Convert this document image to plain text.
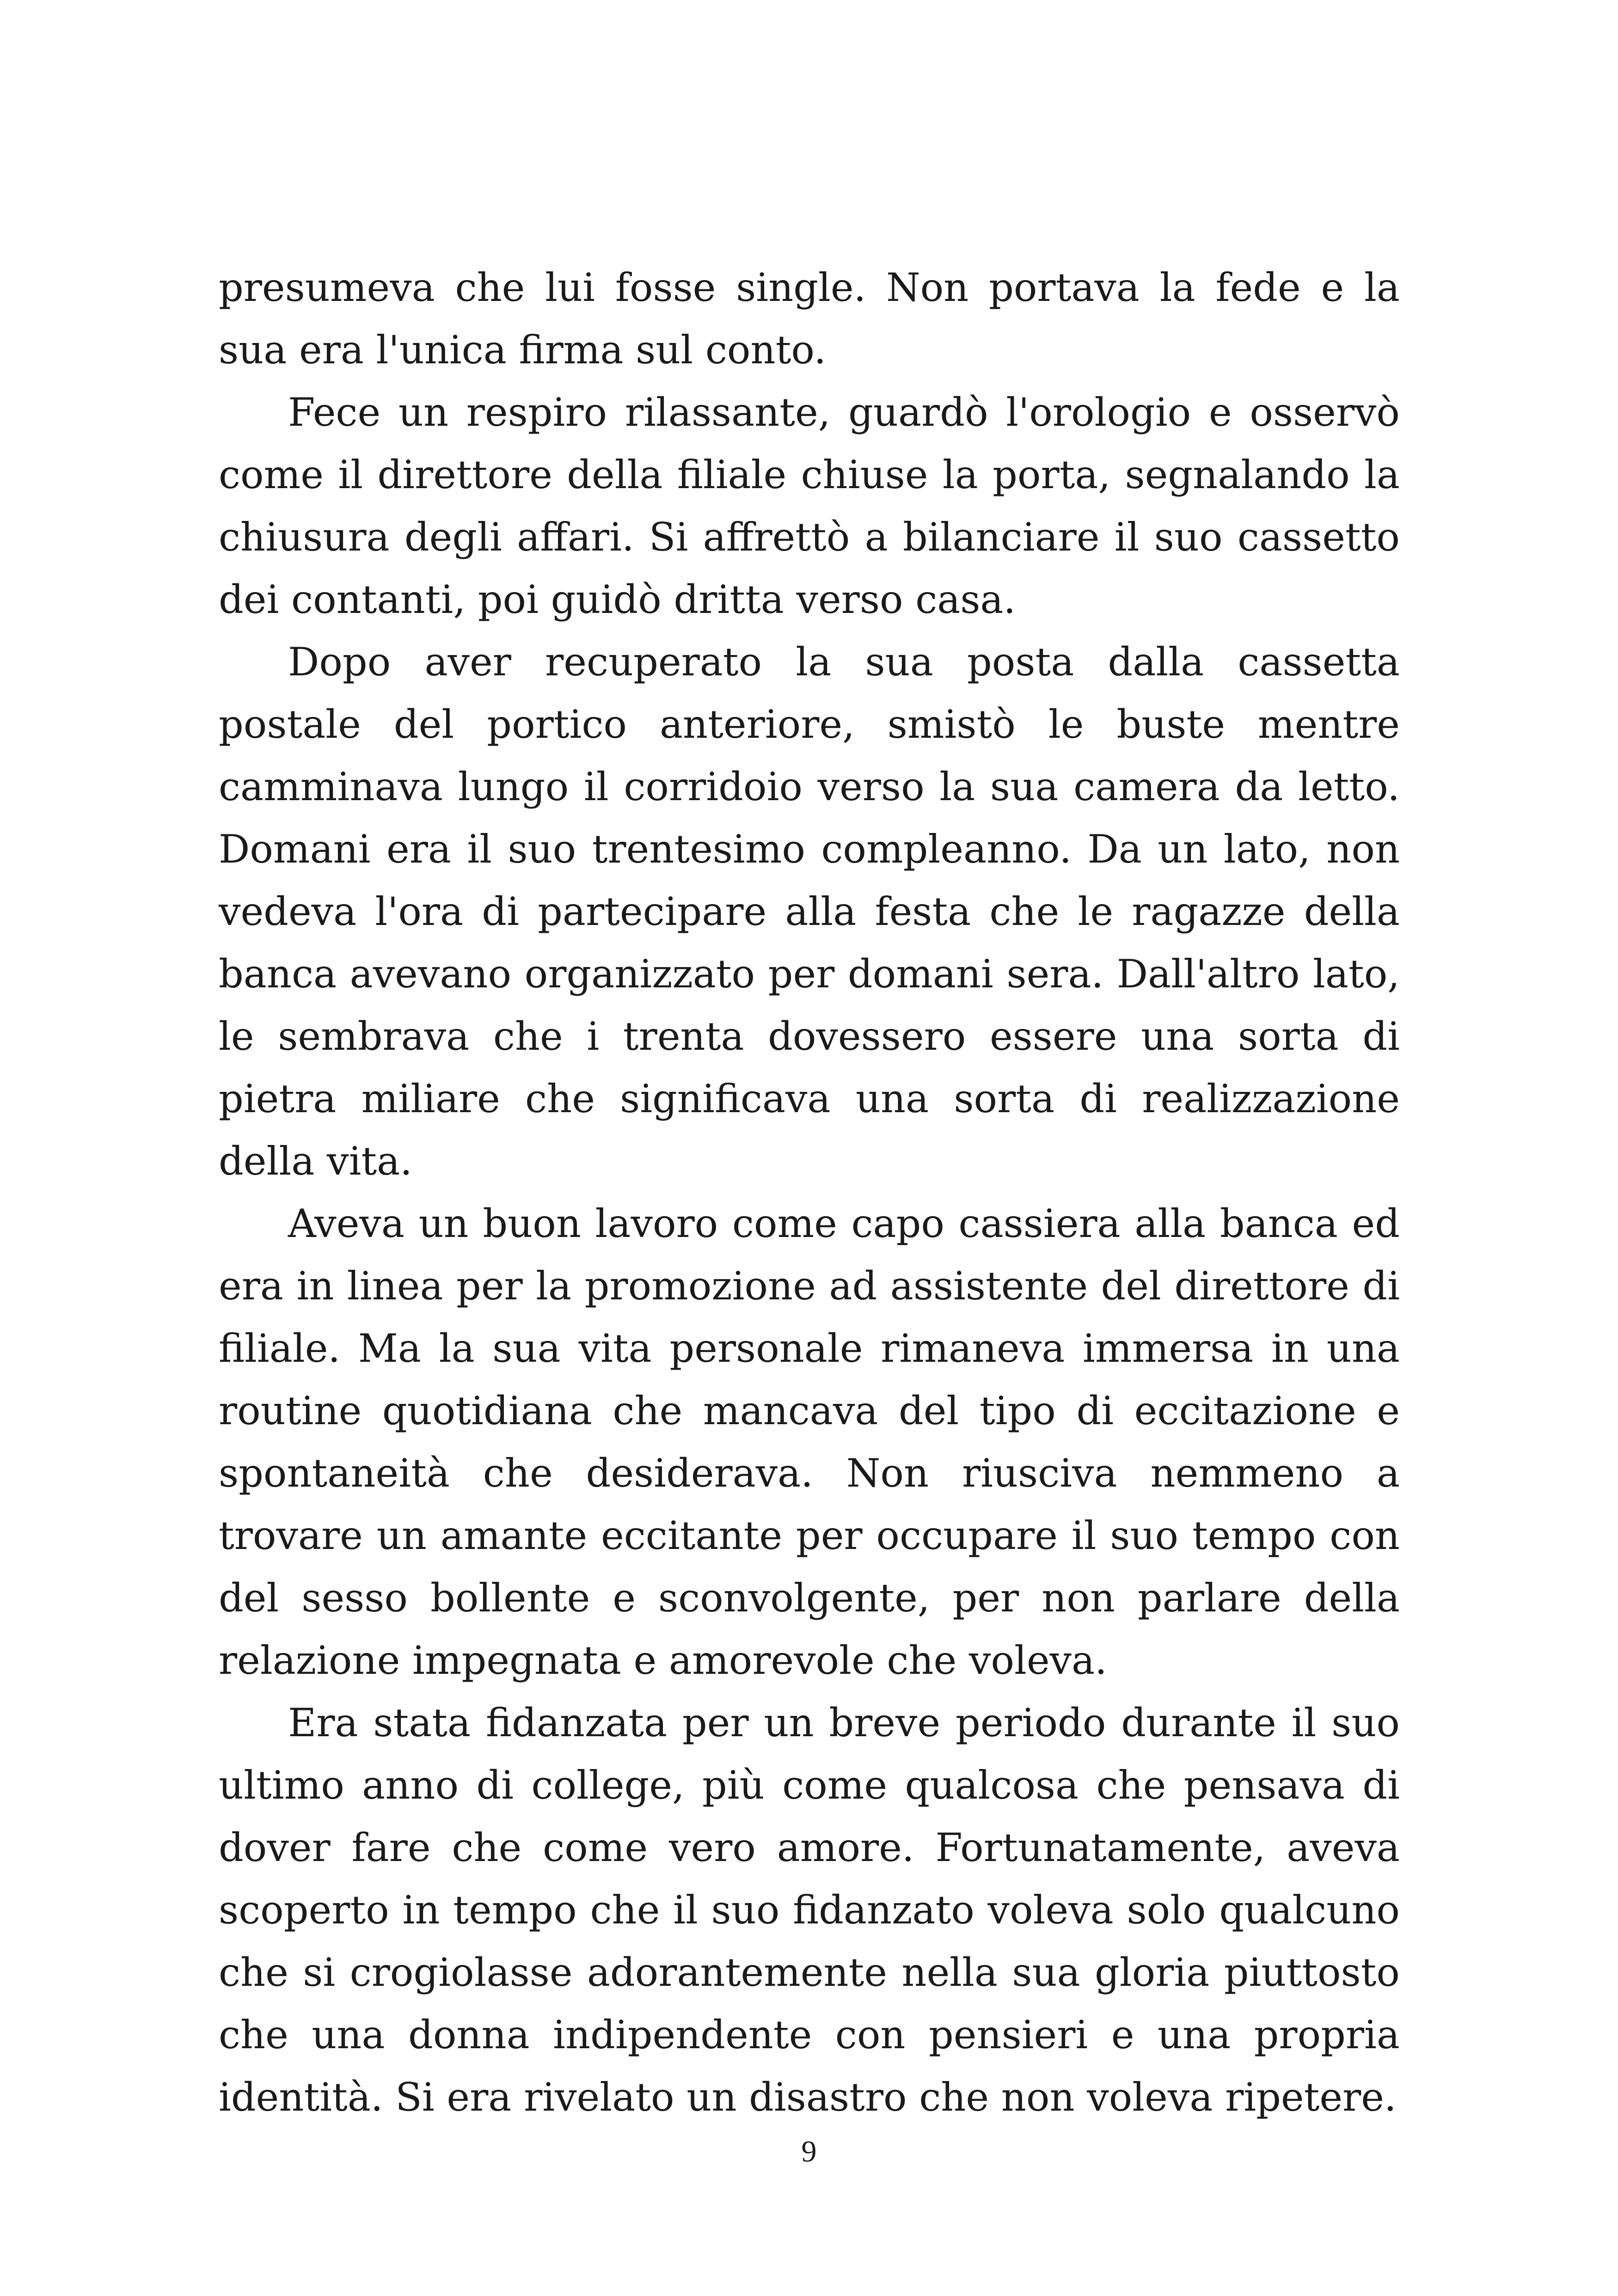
presumeva che lui fosse single. Non portava la fede e la sua era l'unica firma sul conto.

Fece un respiro rilassante, guardò l'orologio e osservò come il direttore della filiale chiuse la porta, segnalando la chiusura degli affari. Si affrettò a bilanciare il suo cassetto dei contanti, poi guidò dritta verso casa.

Dopo aver recuperato la sua posta dalla cassetta postale del portico anteriore, smistò le buste mentre camminava lungo il corridoio verso la sua camera da letto. Domani era il suo trentesimo compleanno. Da un lato, non vedeva l'ora di partecipare alla festa che le ragazze della banca avevano organizzato per domani sera. Dall'altro lato, le sembrava che i trenta dovessero essere una sorta di pietra miliare che significava una sorta di realizzazione della vita.

Aveva un buon lavoro come capo cassiera alla banca ed era in linea per la promozione ad assistente del direttore di filiale. Ma la sua vita personale rimaneva immersa in una routine quotidiana che mancava del tipo di eccitazione e spontaneità che desiderava. Non riusciva nemmeno a trovare un amante eccitante per occupare il suo tempo con del sesso bollente e sconvolgente, per non parlare della relazione impegnata e amorevole che voleva.

Era stata fidanzata per un breve periodo durante il suo ultimo anno di college, più come qualcosa che pensava di dover fare che come vero amore. Fortunatamente, aveva scoperto in tempo che il suo fidanzato voleva solo qualcuno che si crogiolasse adorantemente nella sua gloria piuttosto che una donna indipendente con pensieri e una propria identità. Si era rivelato un disastro che non voleva ripetere.

9
